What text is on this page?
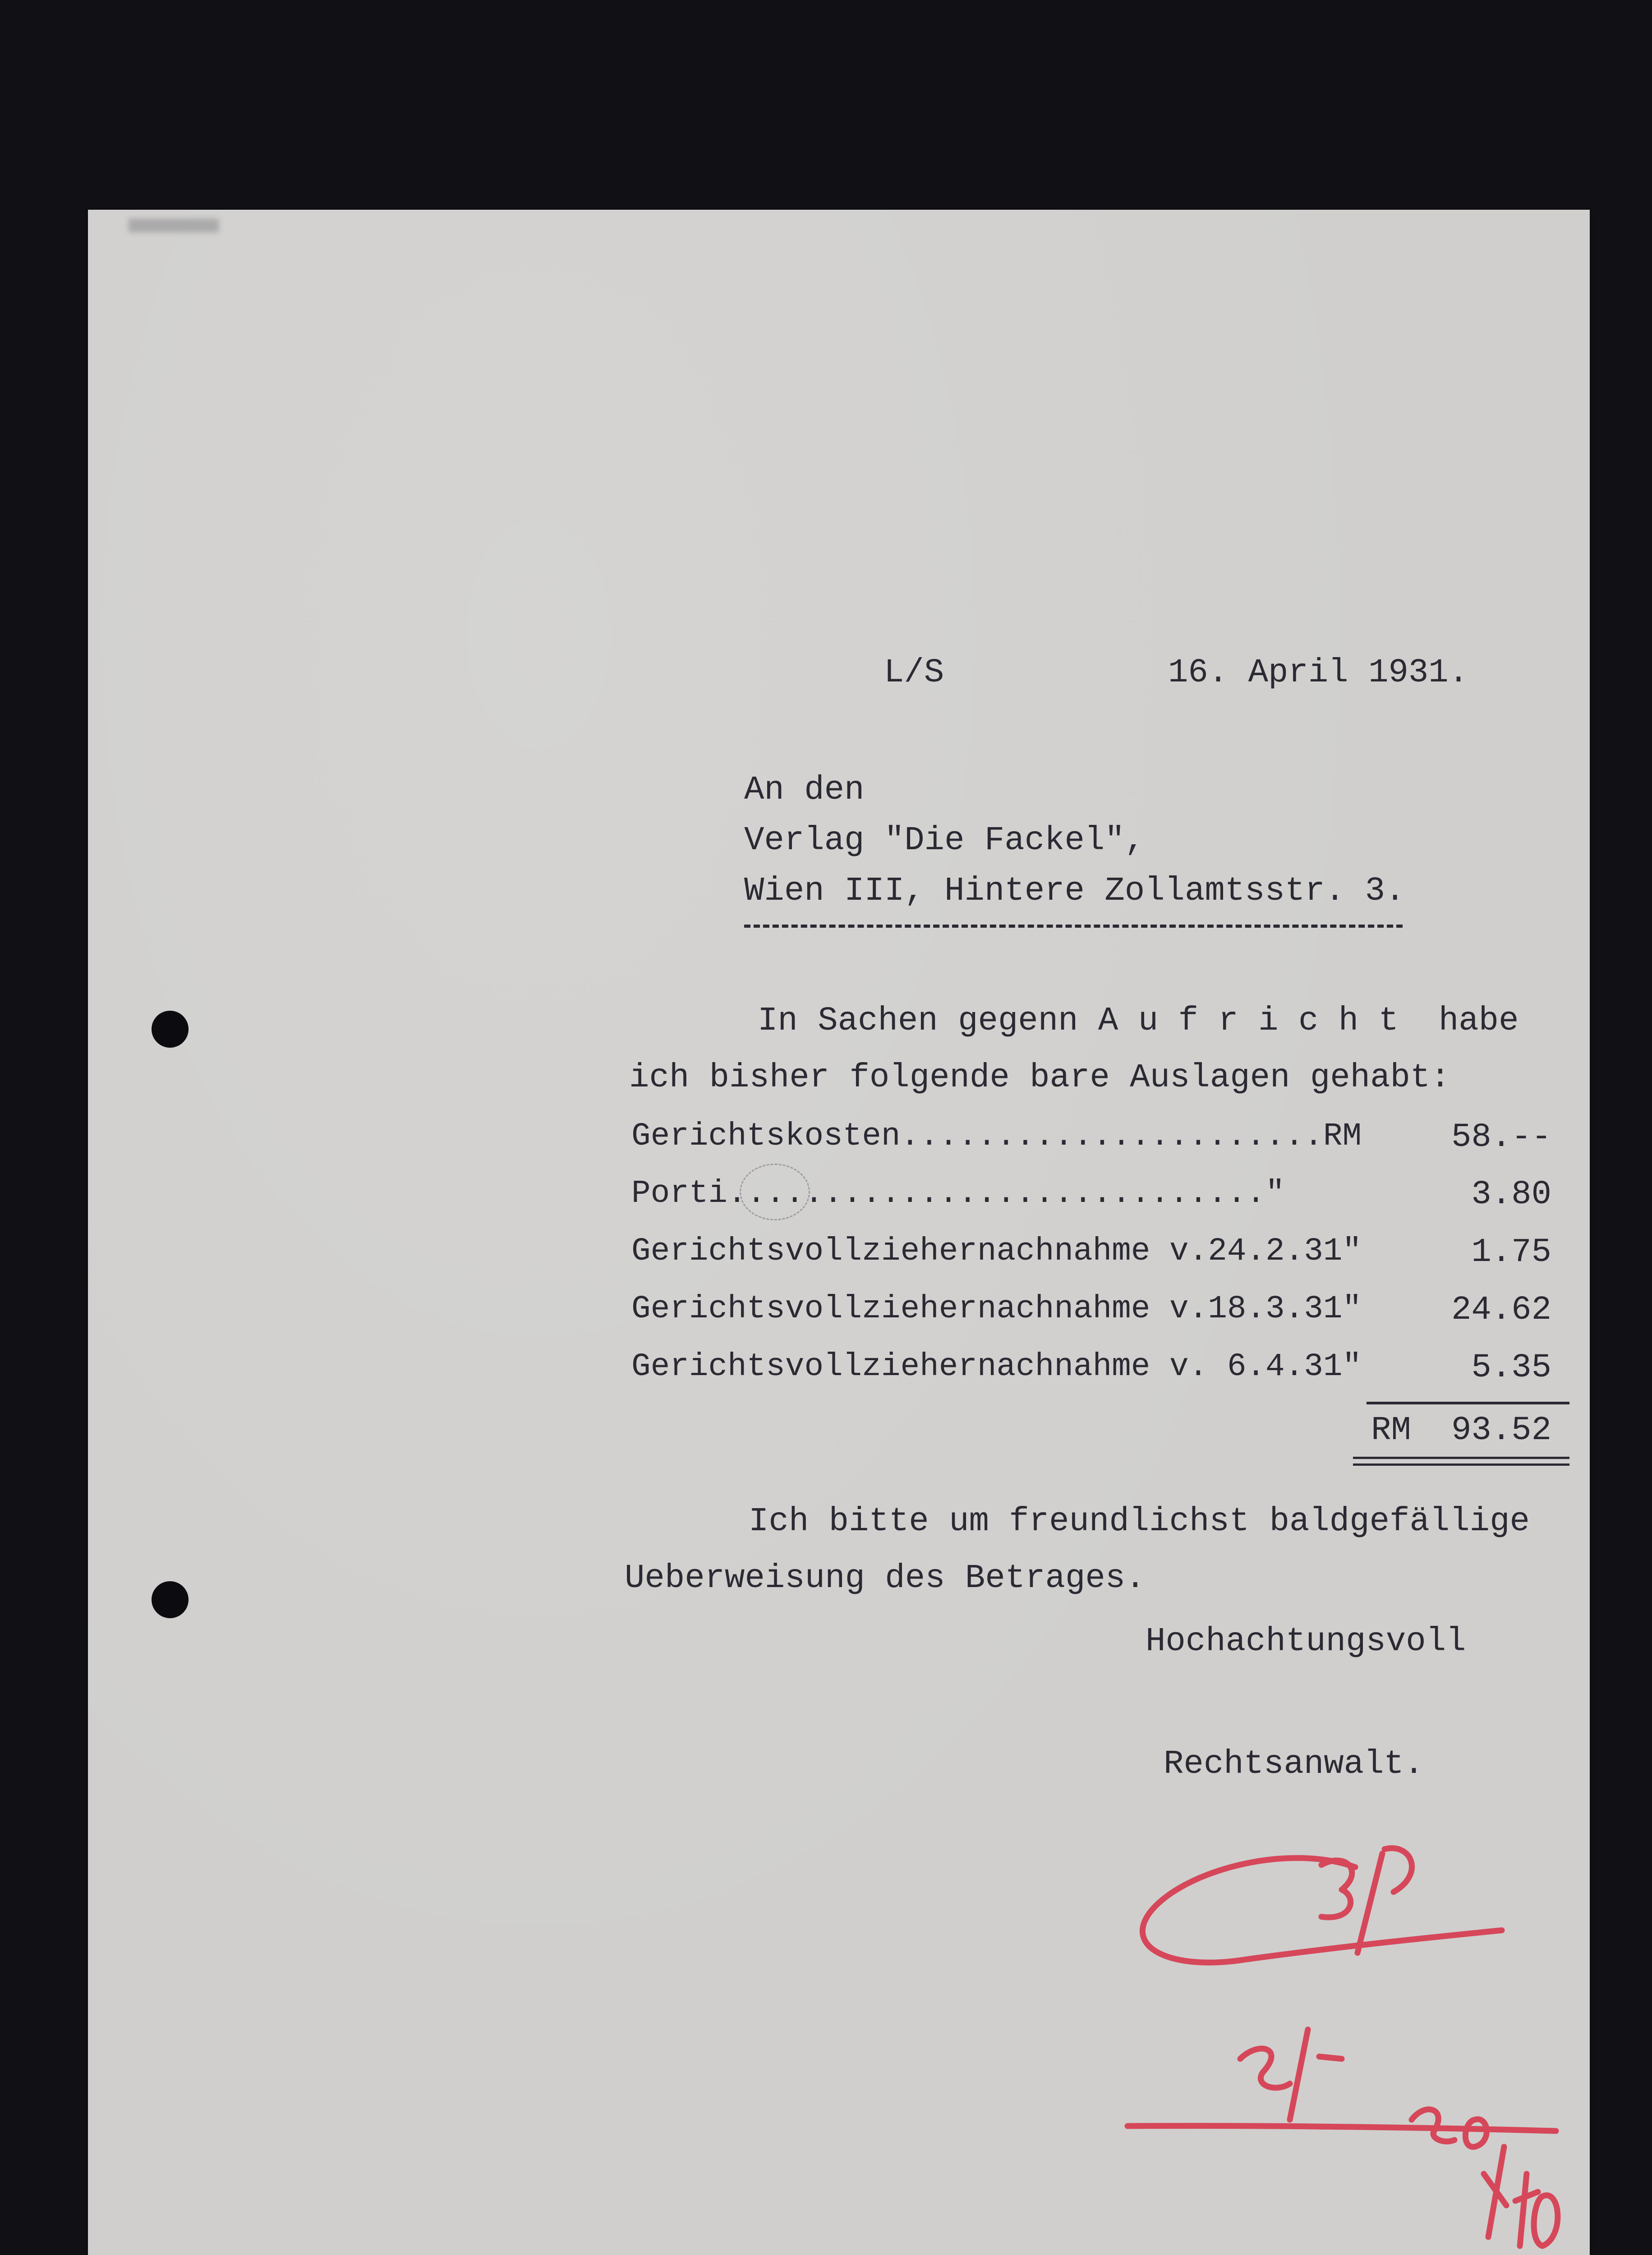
L/S	16. April 1931.
An den
Verlag "Die Fackel",
Wien III, Hintere Zollamtsstr. 3.
In Sachen gegenn A u f r i c h t  habe
ich bisher folgende bare Auslagen gehabt:
Gerichtskosten......................RM	58.--
Porti............................"	3.80
Gerichtsvollziehernachnahme v.24.2.31"	1.75
Gerichtsvollziehernachnahme v.18.3.31"	24.62
Gerichtsvollziehernachnahme v. 6.4.31"	5.35
RM	93.52
Ich bitte um freundlichst baldgefällige
Ueberweisung des Betrages.
Hochachtungsvoll
Rechtsanwalt.
